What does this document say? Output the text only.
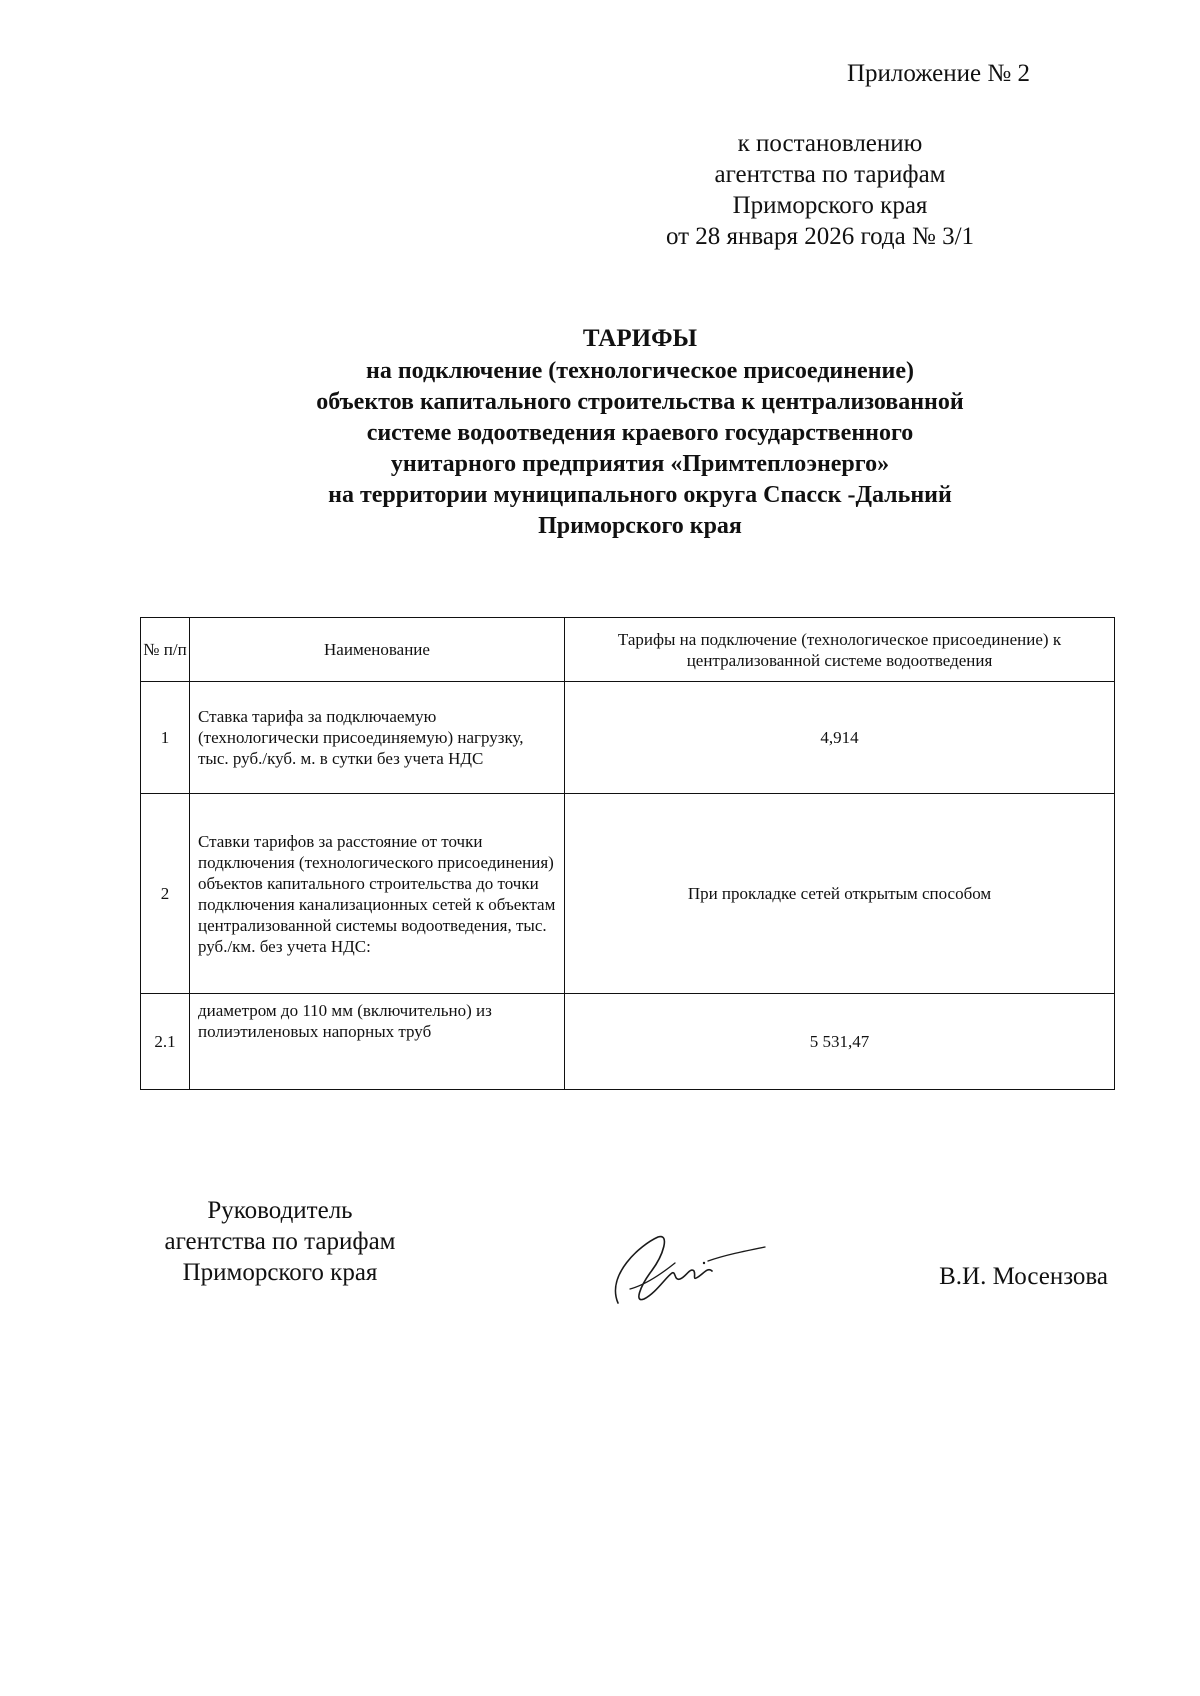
Приложение № 2
к постановлению
агентства по тарифам
Приморского края
от 28 января 2026 года № 3/1
ТАРИФЫ
на подключение (технологическое присоединение)
объектов капитального строительства к централизованной
системе водоотведения краевого государственного
унитарного предприятия «Примтеплоэнерго»
на территории муниципального округа Спасск -Дальний
Приморского края
№ п/п	Наименование	Тарифы на подключение (технологическое присоединение) к централизованной системе водоотведения
1	Ставка тарифа за подключаемую (технологически присоединяемую) нагрузку, тыс. руб./куб. м. в сутки без учета НДС	4,914
2	Ставки тарифов за расстояние от точки подключения (технологического присоединения) объектов капитального строительства до точки подключения канализационных сетей к объектам централизованной системы водоотведения, тыс. руб./км. без учета НДС:	При прокладке сетей открытым способом
2.1	диаметром до 110 мм (включительно) из полиэтиленовых напорных труб	5 531,47
Руководитель
агентства по тарифам
Приморского края	В.И. Мосензова
